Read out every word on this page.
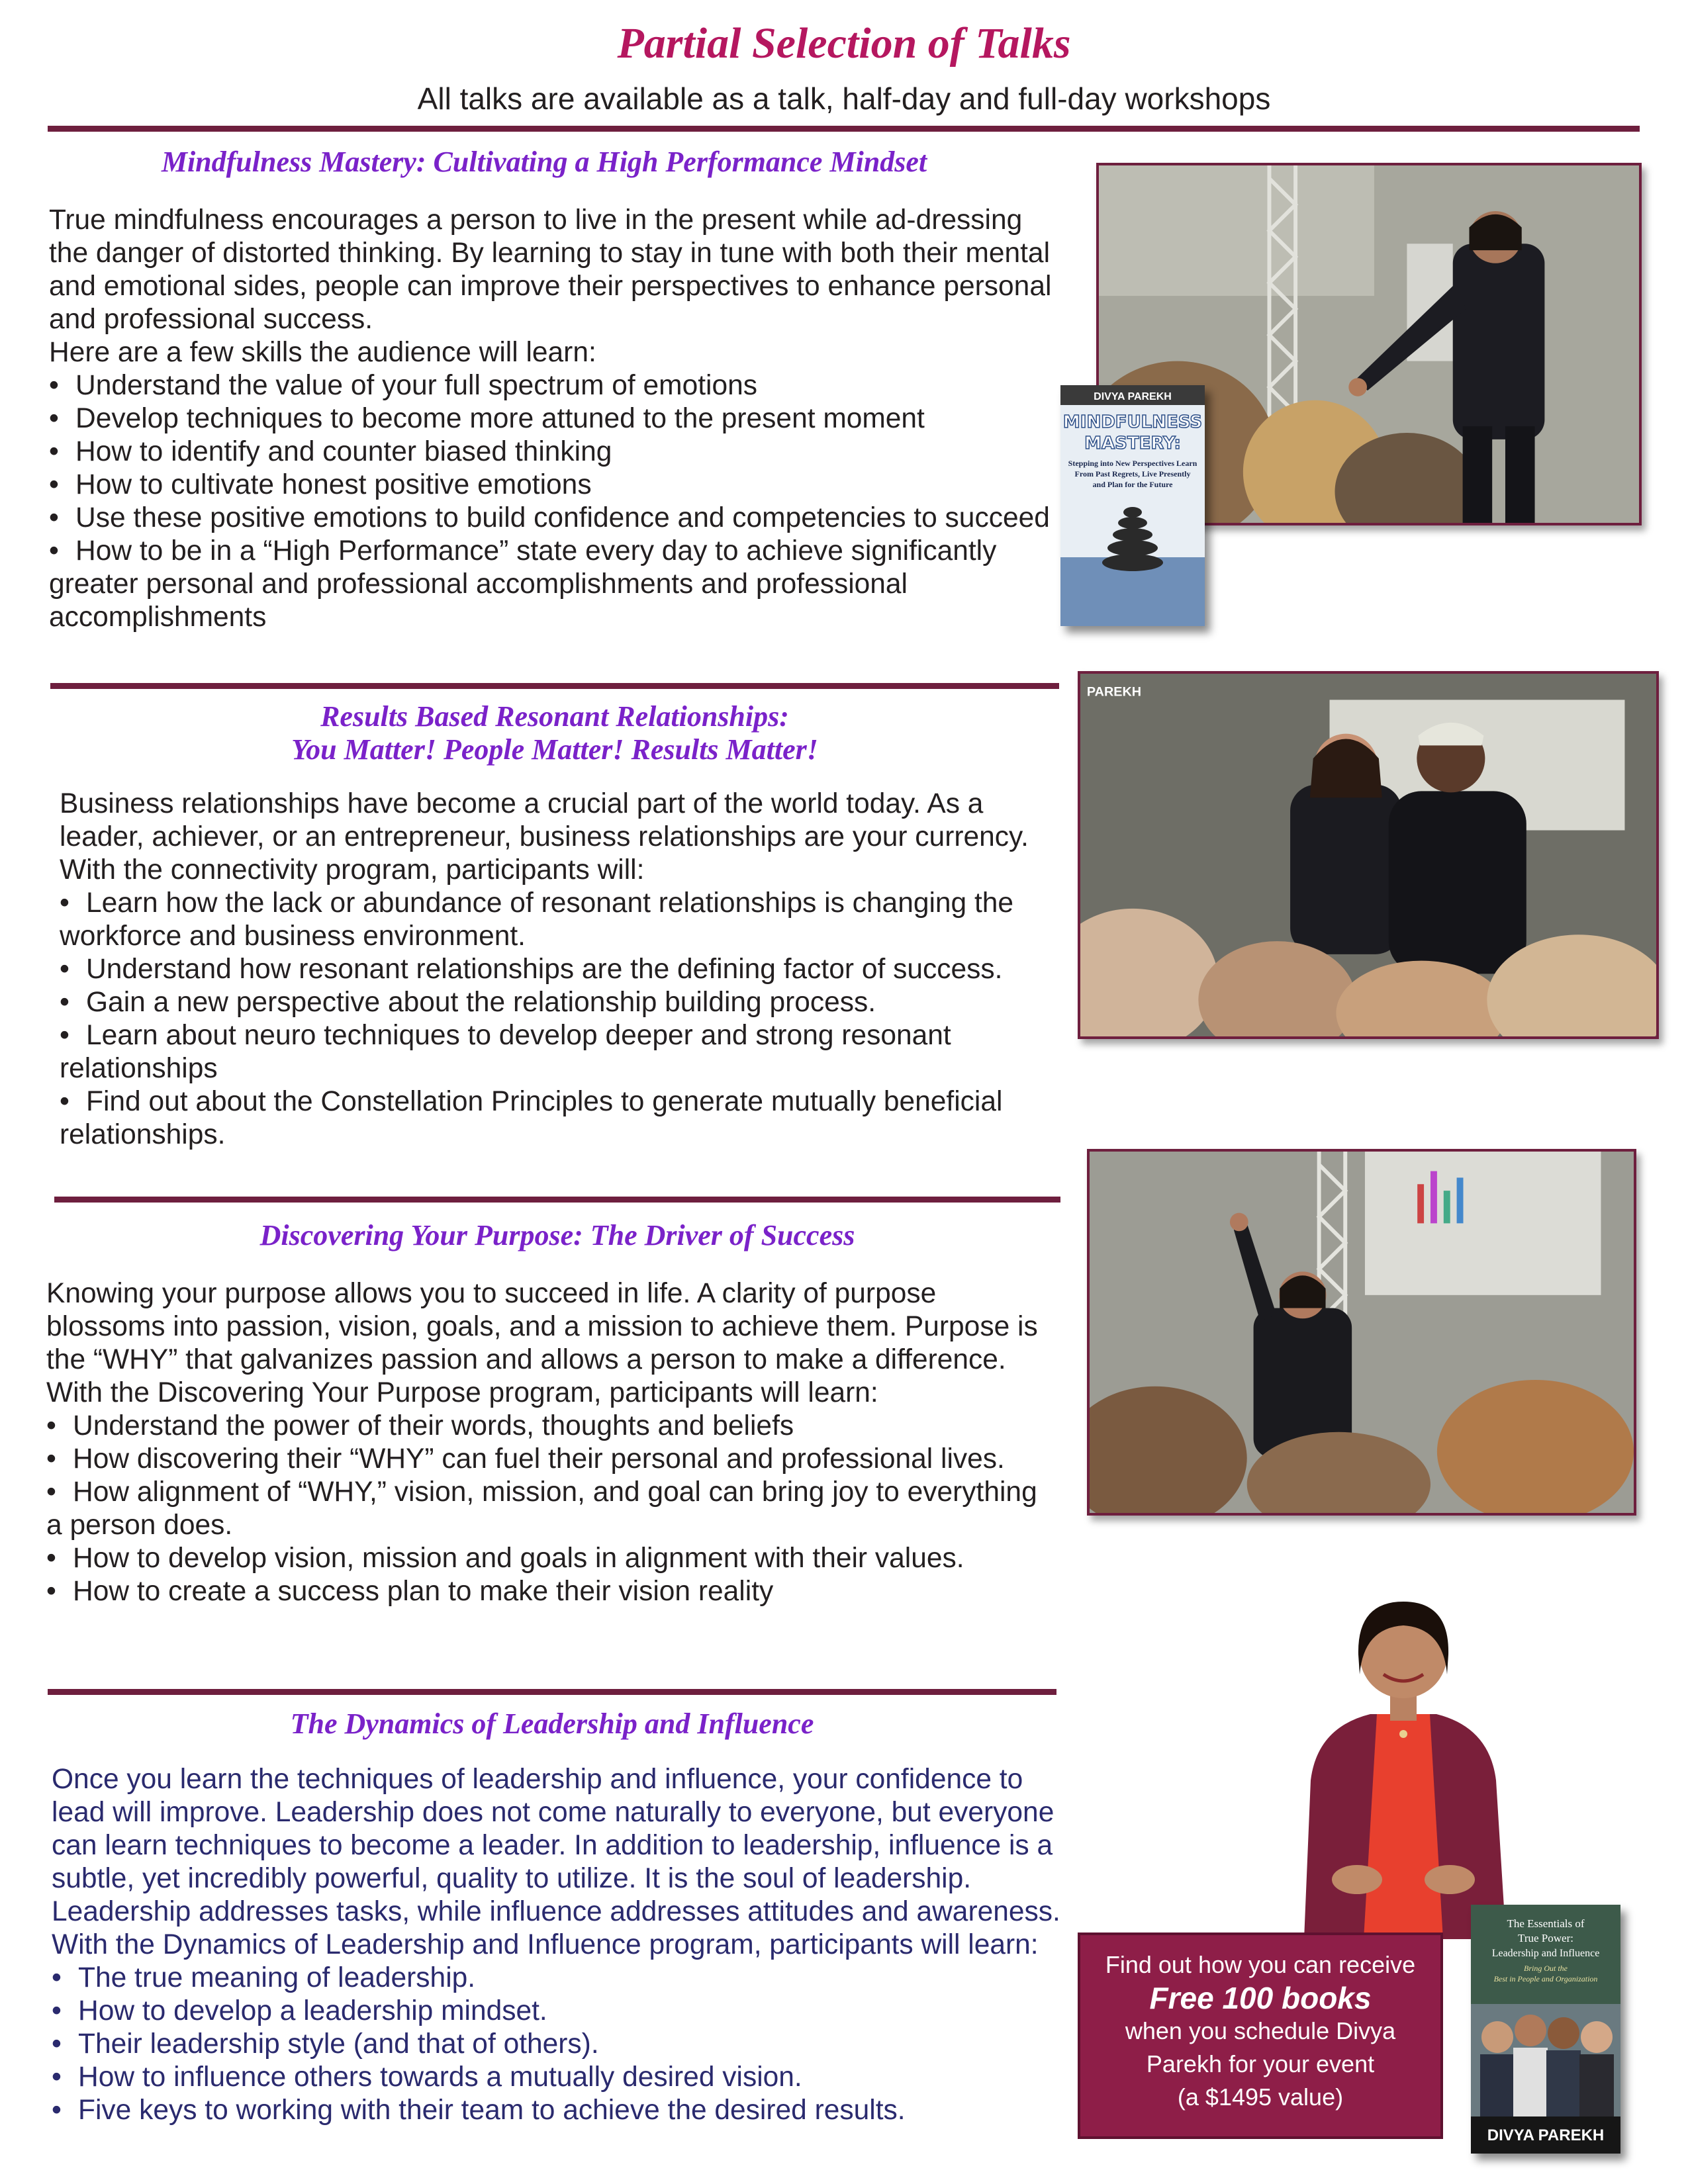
Partial Selection of Talks
All talks are available as a talk, half-day and full-day workshops
Mindfulness Mastery: Cultivating a High Performance Mindset

True mindfulness encourages a person to live in the present while ad-dressing the danger of distorted thinking. By learning to stay in tune with both their mental and emotional sides, people can improve their perspectives to enhance personal and professional success.

Here are a few skills the audience will learn:

• Understand the value of your full spectrum of emotions
• Develop techniques to become more attuned to the present moment
• How to identify and counter biased thinking
• How to cultivate honest positive emotions
• Use these positive emotions to build confidence and competencies to succeed
• How to be in a “High Performance” state every day to achieve significantly greater personal and professional accomplishments and professional accomplishments
DIVYA PAREKH
MINDFULNESS
MASTERY:
Stepping into New Perspectives Learn
From Past Regrets, Live Presently
and Plan for the Future
Results Based Resonant Relationships:
You Matter! People Matter! Results Matter!

Business relationships have become a crucial part of the world today. As a leader, achiever, or an entrepreneur, business relationships are your currency.

With the connectivity program, participants will:

• Learn how the lack or abundance of resonant relationships is changing the workforce and business environment.
• Understand how resonant relationships are the defining factor of success.
• Gain a new perspective about the relationship building process.
• Learn about neuro techniques to develop deeper and strong resonant relationships
• Find out about the Constellation Principles to generate mutually beneficial relationships.
PAREKH
Discovering Your Purpose: The Driver of Success

Knowing your purpose allows you to succeed in life. A clarity of purpose blossoms into passion, vision, goals, and a mission to achieve them. Purpose is the “WHY” that galvanizes passion and allows a person to make a difference.

With the Discovering Your Purpose program, participants will learn:

• Understand the power of their words, thoughts and beliefs
• How discovering their “WHY” can fuel their personal and professional lives.
• How alignment of “WHY,” vision, mission, and goal can bring joy to everything a person does.
• How to develop vision, mission and goals in alignment with their values.
• How to create a success plan to make their vision reality
The Dynamics of Leadership and Influence

Once you learn the techniques of leadership and influence, your confidence to lead will improve. Leadership does not come naturally to everyone, but everyone can learn techniques to become a leader. In addition to leadership, influence is a subtle, yet incredibly powerful, quality to utilize. It is the soul of leadership. Leadership addresses tasks, while influence addresses attitudes and awareness.

With the Dynamics of Leadership and Influence program, participants will learn:

• The true meaning of leadership.
• How to develop a leadership mindset.
• Their leadership style (and that of others).
• How to influence others towards a mutually desired vision.
• Five keys to working with their team to achieve the desired results.
Find out how you can receive
Free 100 books
when you schedule Divya
Parekh for your event
(a $1495 value)
The Essentials of
True Power:
Leadership and Influence
Bring Out the
Best in People and Organization
DIVYA PAREKH
